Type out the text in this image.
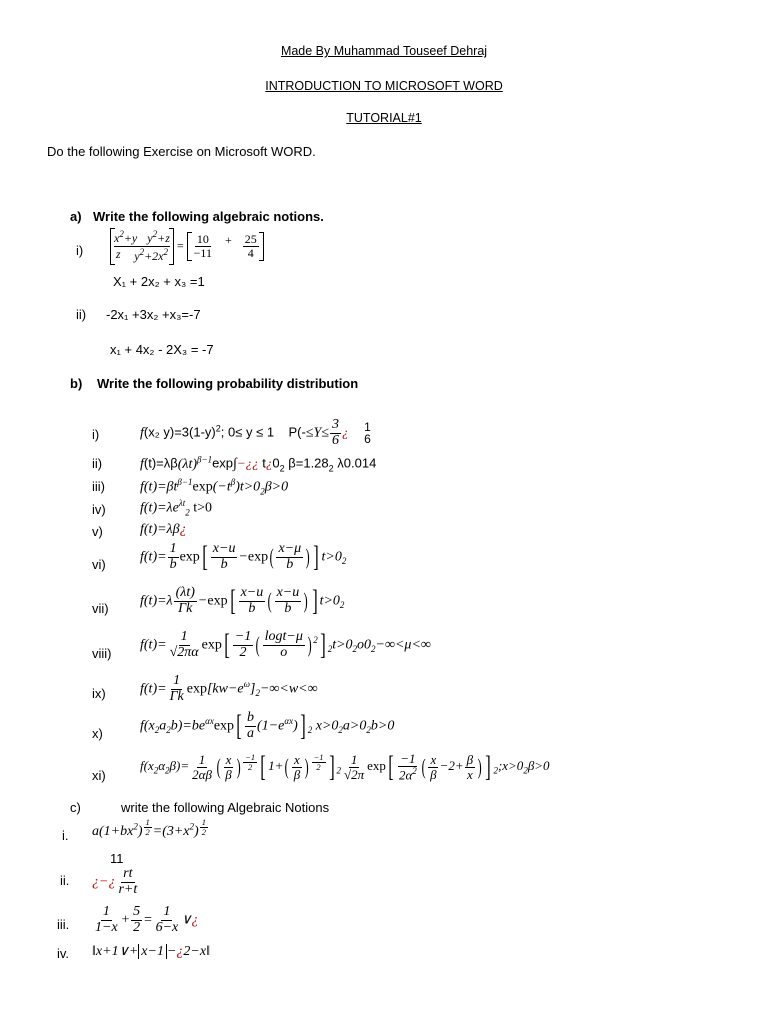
Made By Muhammad Touseef Dehraj
INTRODUCTION TO MICROSOFT WORD
TUTORIAL#1
Do the following Exercise on Microsoft WORD.
a) Write the following algebraic notions.
$i) \frac{x^2+y y^2+z}{z y^2+2x^2} = \frac{10}{-11} + \frac{25}{4}$
X₁ + 2x₂ + x₃ =1
ii) -2x₁ +3x₂ +x₃=-7
x₁ + 4x₂ - 2X₃ = -7
b) Write the following probability distribution
i)	f(x₂ $y)=3(1-y)^2$; 0≤ y ≤ 1    $P(-\le Y\le \frac{3}{6}$ ¿ 1
6
ii)	$f(t)=\lambda\beta(\lambda t)^{\beta-1}\exp\int-¿¿$ $t¿0_2$ $\beta=1.28_2$ λ0.014
iii)	$f(t)=\beta t^{\beta-1}\exp(-t^\beta)t>0_2\beta>0$
iv) $f(t)=\lambda e^{\lambda t}_2$ t>0
v)	f(t)=λβ¿
vi)
$f(t)= \frac{1}{b} \exp[ \frac{x-u}{b} -\exp( \frac{x-\mu}{b}$ ) ] $t>0_2$
vii)
$f(t)=\lambda \frac{(\lambda t)}{\Gamma k} -\exp[ \frac{x-u}{b}$ ( $\frac{x-u}{b}$ ) ] $t>0_2$
viii)
$f(t)= \frac{1}{√2\pi\alpha} \exp[ \frac{-1}{2}$ ( $\frac{\log t-\mu}{o}$ ) $^2$] $_2t>0_2o0_2-\infty<\mu<\infty$
ix) $f(t)= \frac{1}{\Gamma k} \exp[kw-e^\omega]_2-\infty<w<\infty$
x)
$f(x_2a_2b)=be^{\alpha x}\exp[ \frac{b}{a} (1-e^{\alpha x})]$ $_2$ $x>0_2a>0_2b>0$
xi)
$f(x_2\alpha_2\beta)= \frac{1}{2\alpha\beta}$ ( $\frac{x}{\beta}$ ) $^{\frac{-1}{2}}$ [ $1+( \frac{x}{\beta}$ ) $^{\frac{-1}{2}}$ ] $_2 \frac{1}{√2\pi} \exp[ \frac{-1}{2\alpha^2}$ ( $\frac{x}{\beta} -2+ \frac{\beta}{x}$ ) ] $_2;x>0_2\beta>0$
c)	write the following Algebraic Notions
i. $a(1+bx^2)$ $^{\frac{1}{2}} =(3+x^2)$ $^{\frac{1}{2}}$
11
ii. ¿−¿ $\frac{rt}{r+t}$
iii. $\frac{1}{1-x} + \frac{5}{2} = \frac{1}{6-x}$ ∨¿
iv. ‖x+1∨+ x−1 −¿2−x‖
